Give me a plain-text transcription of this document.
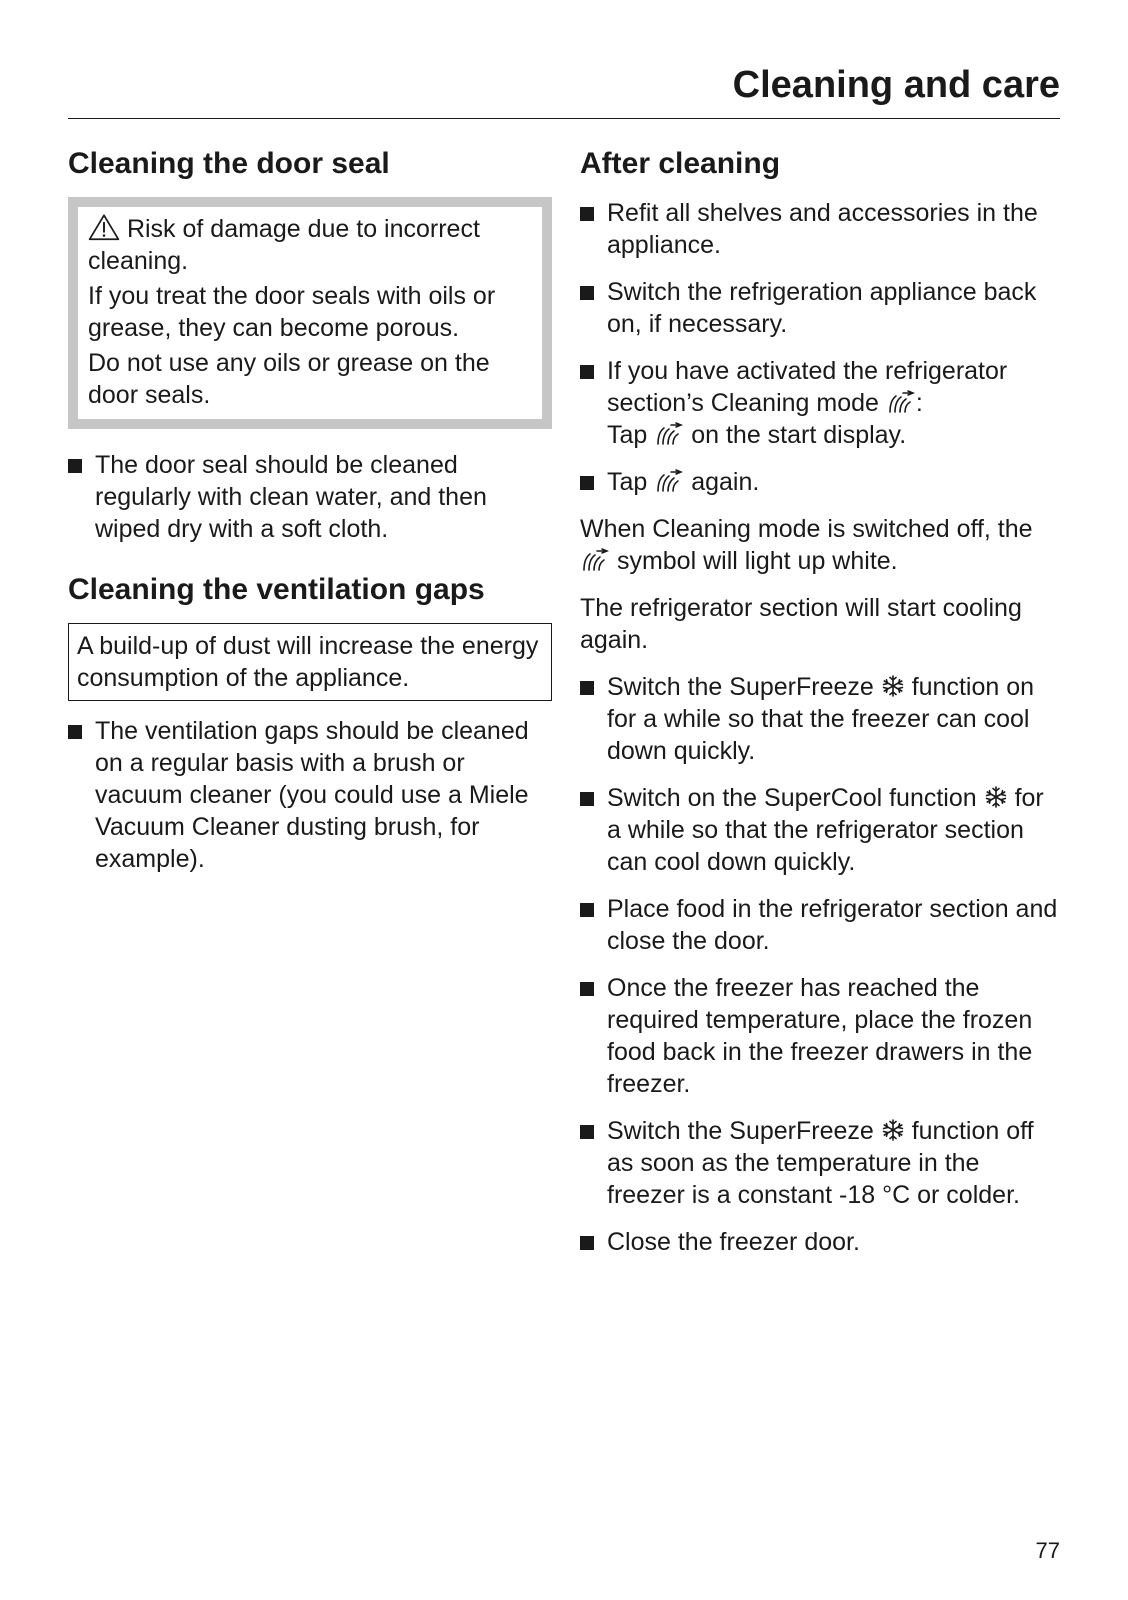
Cleaning and care
Cleaning the door seal
Risk of damage due to incorrect cleaning.
If you treat the door seals with oils or grease, they can become porous.
Do not use any oils or grease on the door seals.
The door seal should be cleaned regularly with clean water, and then wiped dry with a soft cloth.
Cleaning the ventilation gaps
A build-up of dust will increase the energy consumption of the appliance.
The ventilation gaps should be cleaned on a regular basis with a brush or vacuum cleaner (you could use a Miele Vacuum Cleaner dusting brush, for example).
After cleaning
Refit all shelves and accessories in the appliance.
Switch the refrigeration appliance back on, if necessary.
If you have activated the refrigerator section’s Cleaning mode :
Tap on the start display.
Tap again.
When Cleaning mode is switched off, the  symbol will light up white.
The refrigerator section will start cooling again.
Switch the SuperFreeze function on for a while so that the freezer can cool down quickly.
Switch on the SuperCool function for a while so that the refrigerator section can cool down quickly.
Place food in the refrigerator section and close the door.
Once the freezer has reached the required temperature, place the frozen food back in the freezer drawers in the freezer.
Switch the SuperFreeze function off as soon as the temperature in the freezer is a constant -18 °C or colder.
Close the freezer door.
77
